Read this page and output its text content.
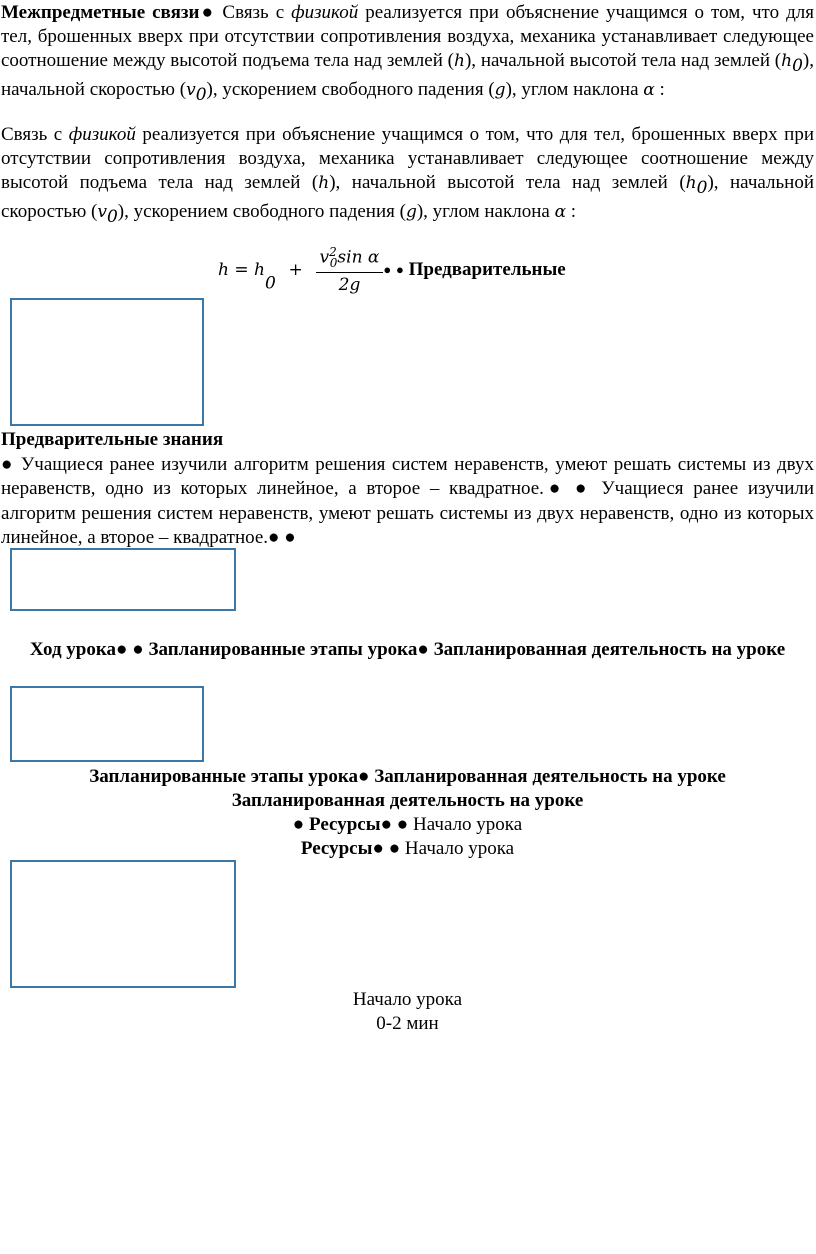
Межпредметные связи● Связь с физикой реализуется при объяснение учащимся о том, что для тел, брошенных вверх при отсутствии сопротивления воздуха, механика устанавливает следующее соотношение между высотой подъема тела над землей (h), начальной высотой тела над землей $(h_0)$, начальной скоростью $(v_0)$, ускорением свободного падения (g), углом наклона α :

Связь с физикой реализуется при объяснение учащимся о том, что для тел, брошенных вверх при отсутствии сопротивления воздуха, механика устанавливает следующее соотношение между высотой подъема тела над землей (h), начальной высотой тела над землей $(h_0)$, начальной скоростью $(v_0)$, ускорением свободного падения (g), углом наклона α :

$h = h_0 + \frac{v^2_0\sin \alpha}{2g}$ ● ● Предварительные

Предварительные знания
● Учащиеся ранее изучили алгоритм решения систем неравенств, умеют решать системы из двух неравенств, одно из которых линейное, а второе – квадратное.● ● Учащиеся ранее изучили алгоритм решения систем неравенств, умеют решать системы из двух неравенств, одно из которых линейное, а второе – квадратное.● ●

Ход урока● ● Запланированные этапы урока● Запланированная деятельность на уроке

Запланированные этапы урока● Запланированная деятельность на уроке
Запланированная деятельность на уроке
● Ресурсы● ● Начало урока
Ресурсы● ● Начало урока

Начало урока
0-2 мин
